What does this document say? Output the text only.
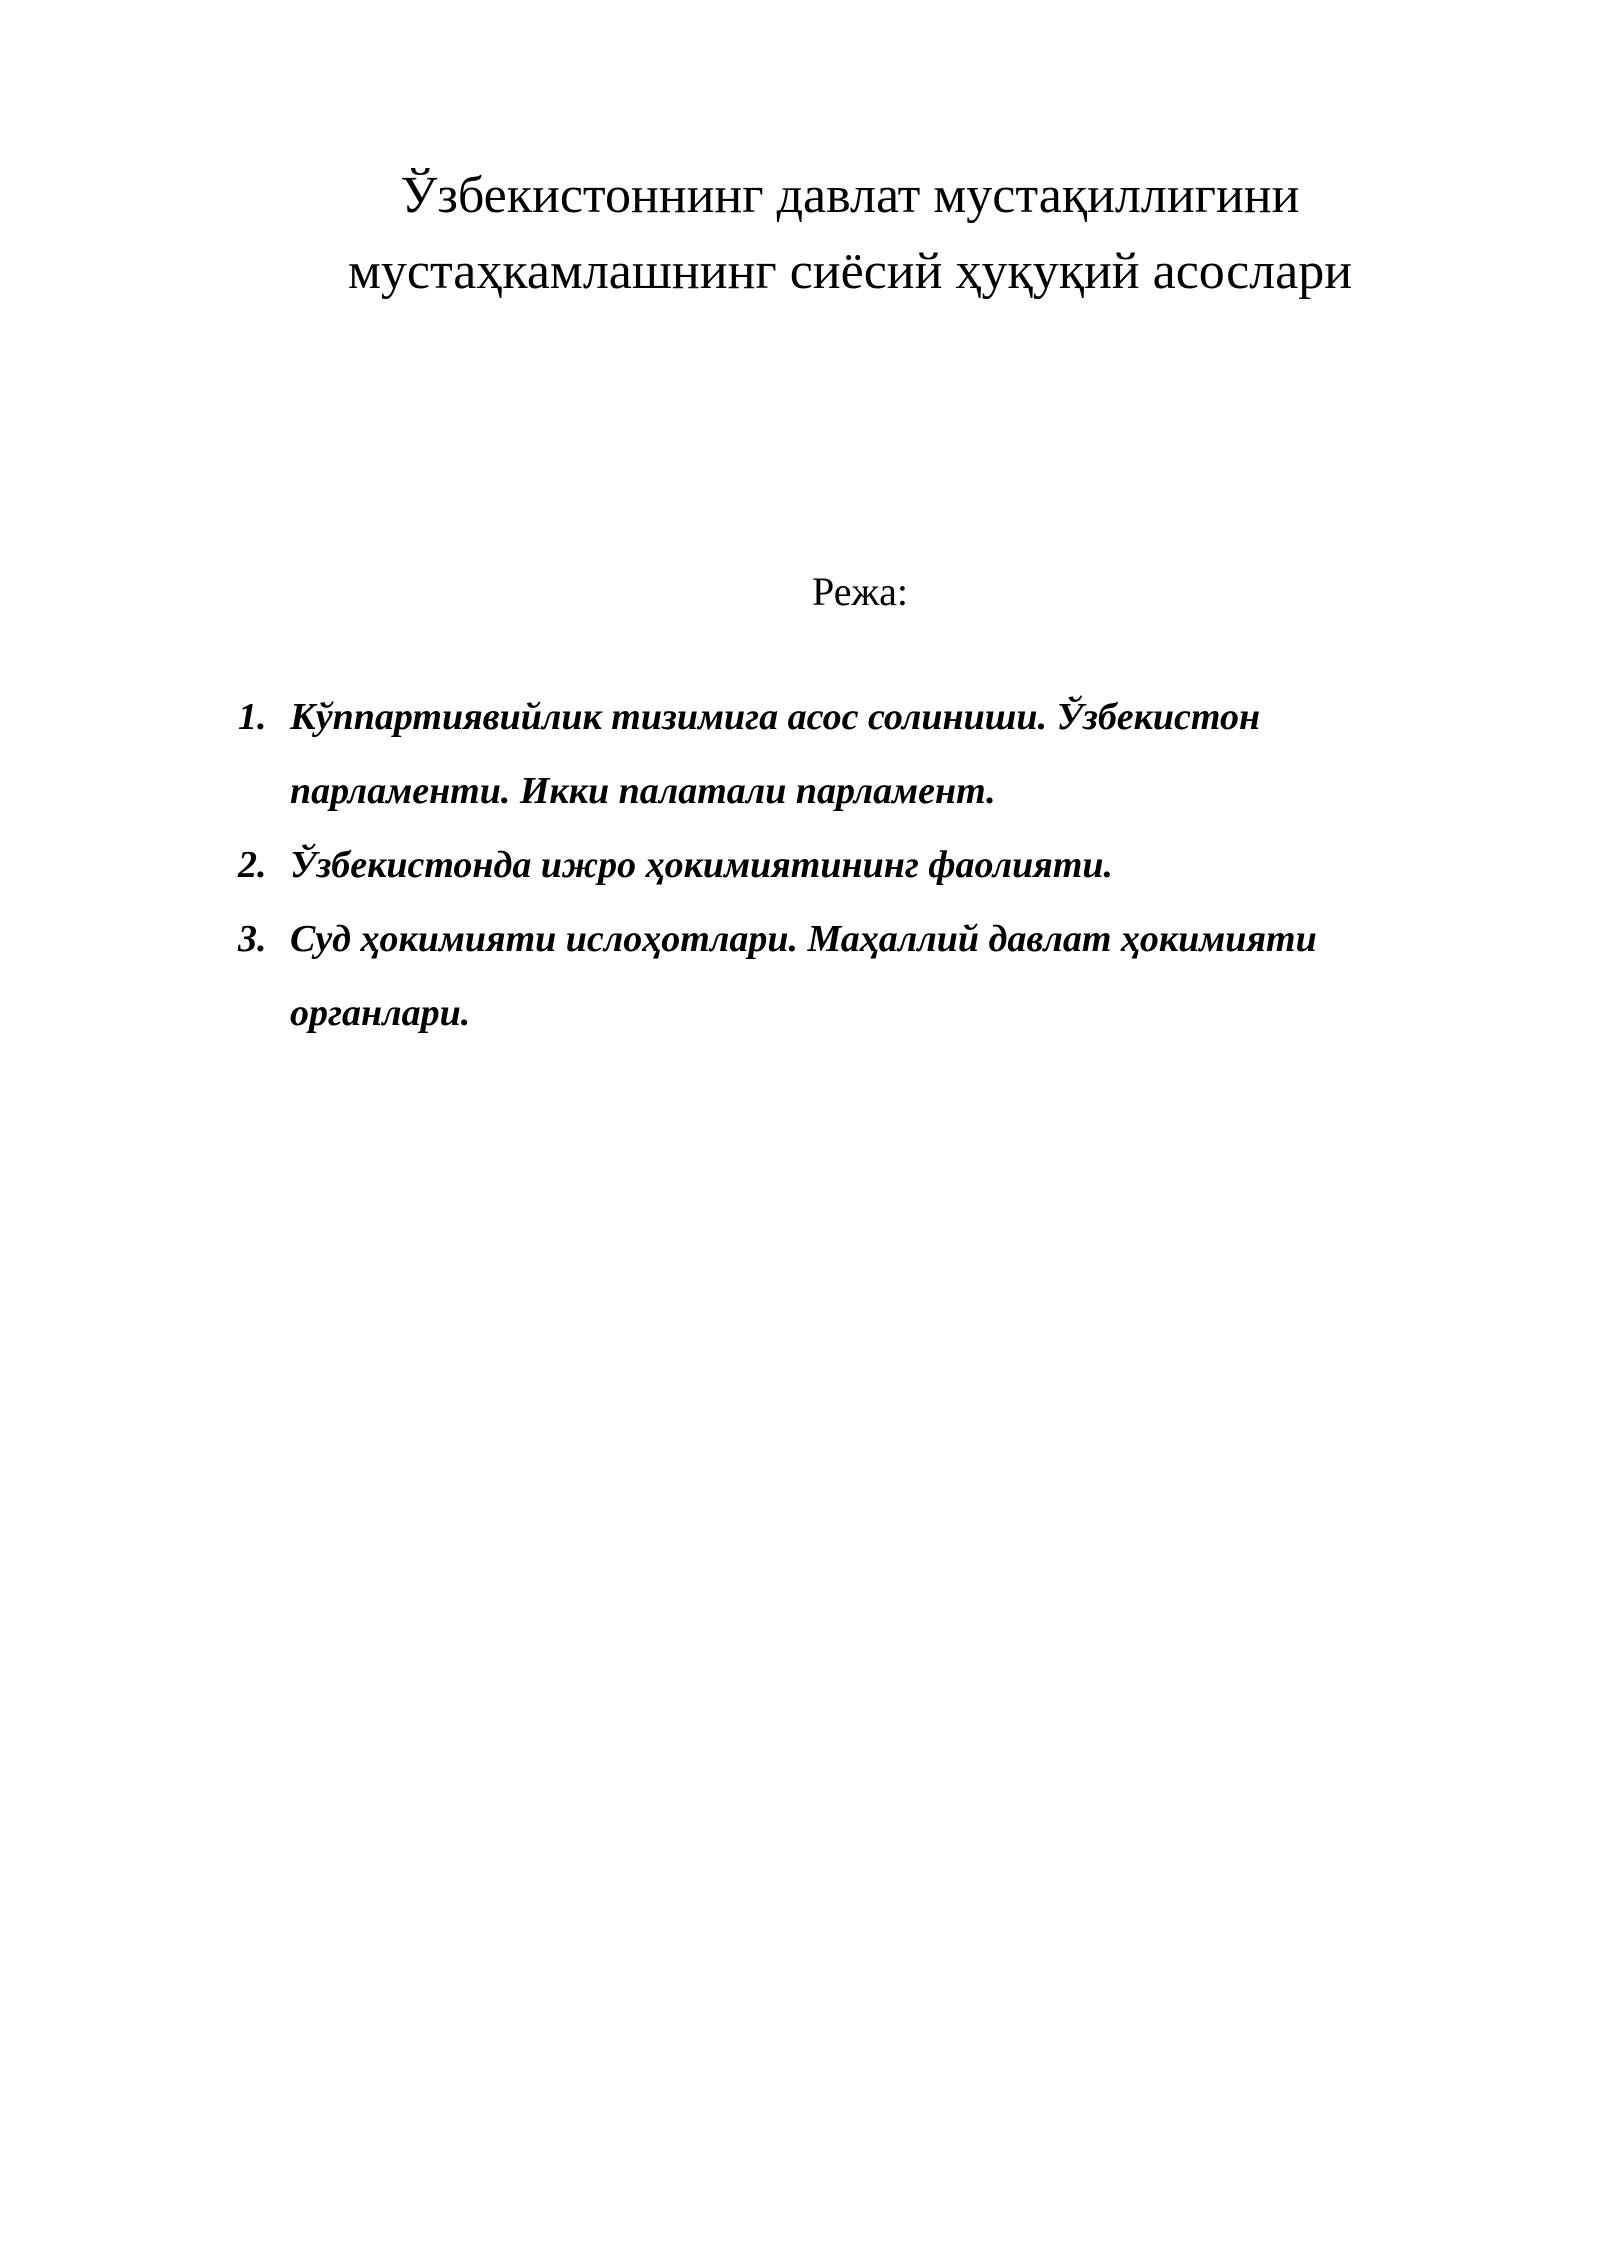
Ўзбекистоннинг давлат мустақиллигини
мустаҳкамлашнинг сиёсий ҳуқуқий асослари

Режа:

1. Кўппартиявийлик тизимига асос солиниши. Ўзбекистон
парламенти. Икки палатали парламент.
2. Ўзбекистонда ижро ҳокимиятининг фаолияти.
3. Суд ҳокимияти ислоҳотлари. Маҳаллий давлат ҳокимияти
органлари.
